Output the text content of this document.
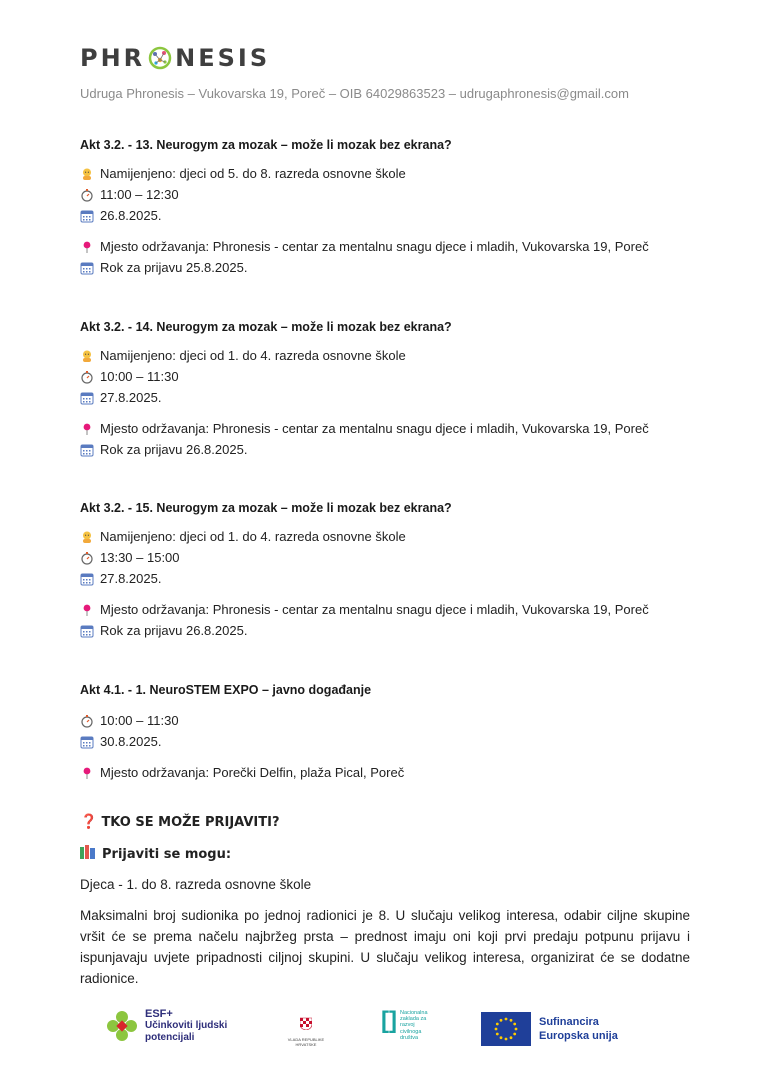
PHR NESIS
Udruga Phronesis – Vukovarska 19, Poreč – OIB 64029863523 – udrugaphronesis@gmail.com
Akt 3.2. - 13. Neurogym za mozak – može li mozak bez ekrana?
Namijenjeno: djeci od 5. do 8. razreda osnovne škole
11:00 – 12:30
26.8.2025.
Mjesto održavanja: Phronesis - centar za mentalnu snagu djece i mladih, Vukovarska 19, Poreč
Rok za prijavu 25.8.2025.
Akt 3.2. - 14. Neurogym za mozak – može li mozak bez ekrana?
Namijenjeno: djeci od 1. do 4. razreda osnovne škole
10:00 – 11:30
27.8.2025.
Mjesto održavanja: Phronesis - centar za mentalnu snagu djece i mladih, Vukovarska 19, Poreč
Rok za prijavu 26.8.2025.
Akt 3.2. - 15. Neurogym za mozak – može li mozak bez ekrana?
Namijenjeno: djeci od 1. do 4. razreda osnovne škole
13:30 – 15:00
27.8.2025.
Mjesto održavanja: Phronesis - centar za mentalnu snagu djece i mladih, Vukovarska 19, Poreč
Rok za prijavu 26.8.2025.
Akt 4.1. - 1. NeuroSTEM EXPO – javno događanje
10:00 – 11:30
30.8.2025.
Mjesto održavanja: Porečki Delfin, plaža Pical, Poreč
❓ TKO SE MOŽE PRIJAVITI?
Prijaviti se mogu:
Djeca - 1. do 8. razreda osnovne škole
Maksimalni broj sudionika po jednoj radionici je 8. U slučaju velikog interesa, odabir ciljne skupine vršit će se prema načelu najbržeg prsta – prednost imaju oni koji prvi predaju potpunu prijavu i ispunjavaju uvjete pripadnosti ciljnoj skupini. U slučaju velikog interesa, organizirat će se dodatne radionice.
ESF+
Učinkoviti ljudski
potencijali	VLADA REPUBLIKE HRVATSKE
[] Nacionalna zaklada za razvoj civilnoga društva
Sufinancira
Europska unija
